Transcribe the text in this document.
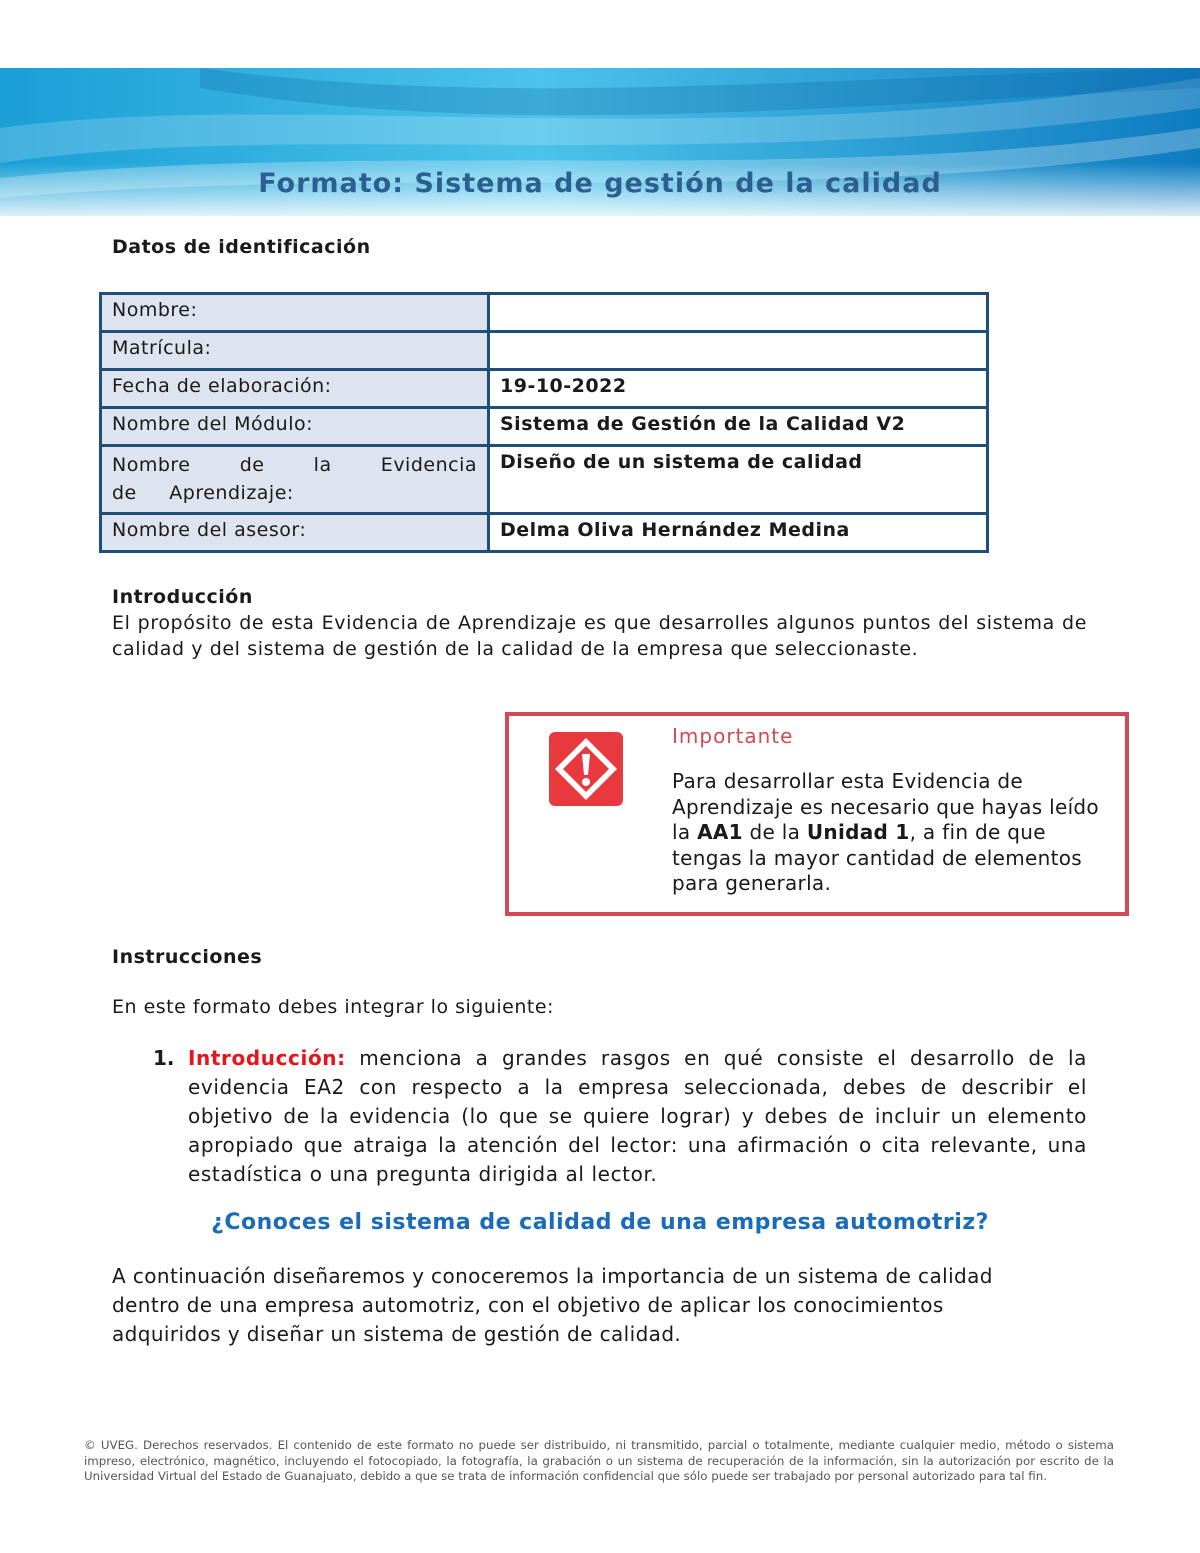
Formato: Sistema de gestión de la calidad
Datos de identificación
Nombre:	
Matrícula:	
Fecha de elaboración:	19-10-2022
Nombre del Módulo:	Sistema de Gestión de la Calidad V2

Nombre de la Evidencia de Aprendizaje:	Diseño de un sistema de calidad
Nombre del asesor:	Delma Oliva Hernández Medina
Introducción
El propósito de esta Evidencia de Aprendizaje es que desarrolles algunos puntos del sistema de calidad y del sistema de gestión de la calidad de la empresa que seleccionaste.
Importante
Para desarrollar esta Evidencia de Aprendizaje es necesario que hayas leído la AA1 de la Unidad 1, a fin de que tengas la mayor cantidad de elementos para generarla.
Instrucciones
En este formato debes integrar lo siguiente:
1. Introducción: menciona a grandes rasgos en qué consiste el desarrollo de la evidencia EA2 con respecto a la empresa seleccionada, debes de describir el objetivo de la evidencia (lo que se quiere lograr) y debes de incluir un elemento apropiado que atraiga la atención del lector: una afirmación o cita relevante, una estadística o una pregunta dirigida al lector.
¿Conoces el sistema de calidad de una empresa automotriz?
A continuación diseñaremos y conoceremos la importancia de un sistema de calidad dentro de una empresa automotriz, con el objetivo de aplicar los conocimientos adquiridos y diseñar un sistema de gestión de calidad.
© UVEG. Derechos reservados. El contenido de este formato no puede ser distribuido, ni transmitido, parcial o totalmente, mediante cualquier medio, método o sistema impreso, electrónico, magnético, incluyendo el fotocopiado, la fotografía, la grabación o un sistema de recuperación de la información, sin la autorización por escrito de la Universidad Virtual del Estado de Guanajuato, debido a que se trata de información confidencial que sólo puede ser trabajado por personal autorizado para tal fin.
